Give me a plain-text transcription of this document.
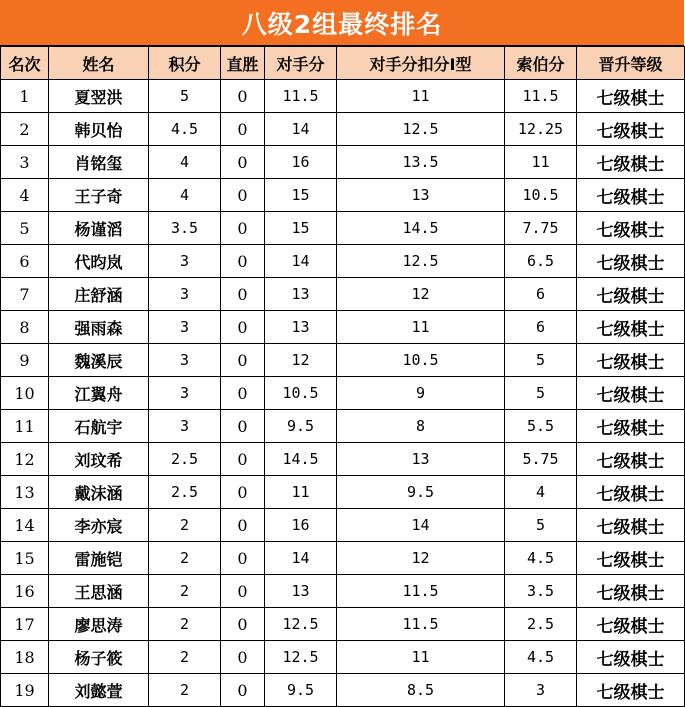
八级2组最终排名
名次	姓名	积分	直胜	对手分	对手分扣分I型	索伯分	晋升等级
1	夏翌洪	5	0	11.5	11	11.5	七级棋士
2	韩贝怡	4.5	0	14	12.5	12.25	七级棋士
3	肖铭玺	4	0	16	13.5	11	七级棋士
4	王子奇	4	0	15	13	10.5	七级棋士
5	杨谨滔	3.5	0	15	14.5	7.75	七级棋士
6	代昀岚	3	0	14	12.5	6.5	七级棋士
7	庄舒涵	3	0	13	12	6	七级棋士
8	强雨森	3	0	13	11	6	七级棋士
9	魏溪辰	3	0	12	10.5	5	七级棋士
10	江翼舟	3	0	10.5	9	5	七级棋士
11	石航宇	3	0	9.5	8	5.5	七级棋士
12	刘玟希	2.5	0	14.5	13	5.75	七级棋士
13	戴沫涵	2.5	0	11	9.5	4	七级棋士
14	李亦宸	2	0	16	14	5	七级棋士
15	雷施铠	2	0	14	12	4.5	七级棋士
16	王思涵	2	0	13	11.5	3.5	七级棋士
17	廖思涛	2	0	12.5	11.5	2.5	七级棋士
18	杨子筱	2	0	12.5	11	4.5	七级棋士
19	刘懿萱	2	0	9.5	8.5	3	七级棋士
